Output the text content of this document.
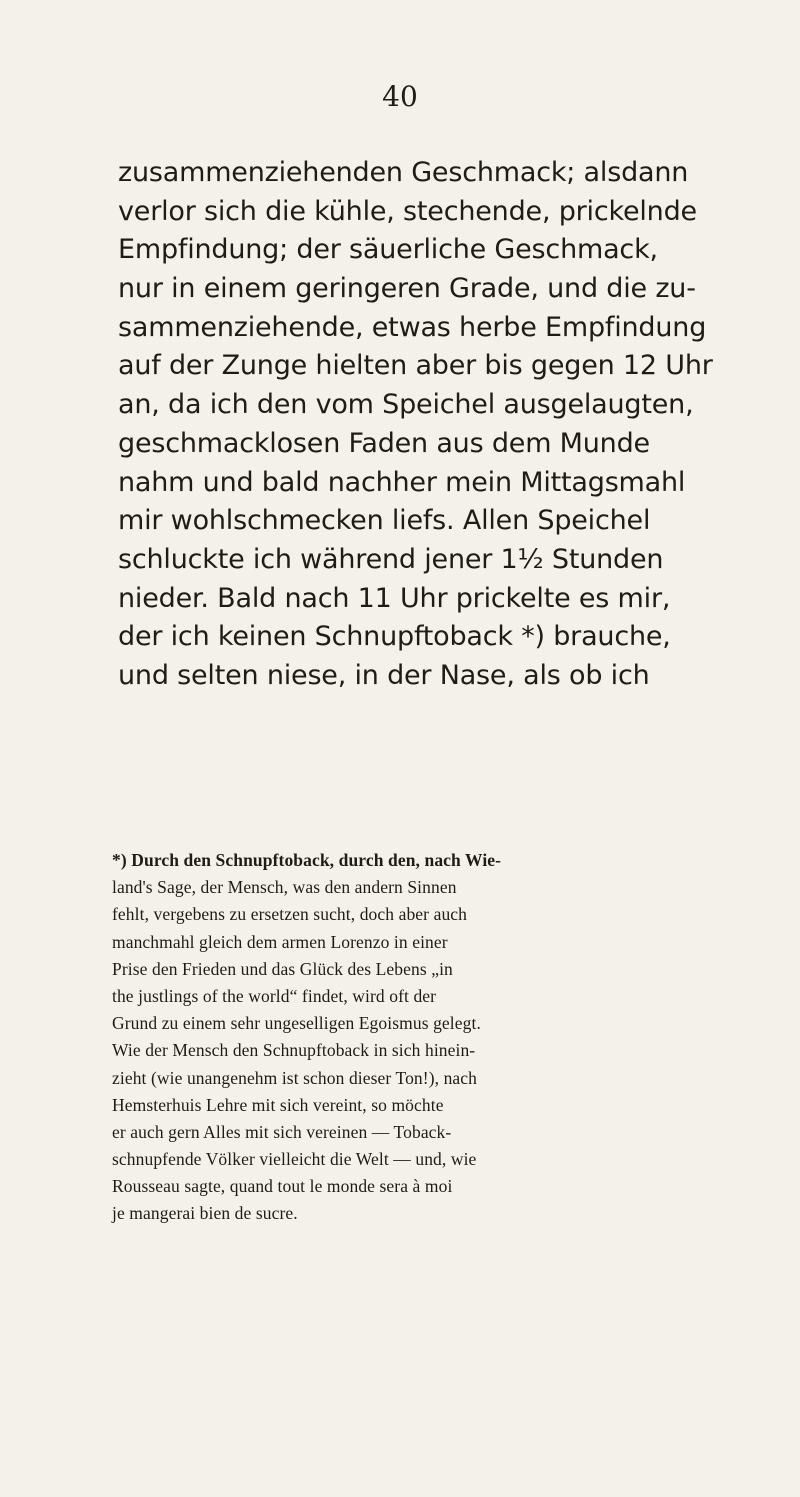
40
zusammenziehenden Geschmack; alsdann
verlor sich die kühle, stechende, prickelnde
Empfindung; der säuerliche Geschmack,
nur in einem geringeren Grade, und die zu-
sammenziehende, etwas herbe Empfindung
auf der Zunge hielten aber bis gegen 12 Uhr
an, da ich den vom Speichel ausgelaugten,
geschmacklosen Faden aus dem Munde
nahm und bald nachher mein Mittagsmahl
mir wohlschmecken liefs. Allen Speichel
schluckte ich während jener 1½ Stunden
nieder. Bald nach 11 Uhr prickelte es mir,
der ich keinen Schnupftoback *) brauche,
und selten niese, in der Nase, als ob ich
*) Durch den Schnupftoback, durch den, nach Wie-
land's Sage, der Mensch, was den andern Sinnen
fehlt, vergebens zu ersetzen sucht, doch aber auch
manchmahl gleich dem armen Lorenzo in einer
Prise den Frieden und das Glück des Lebens „in
the justlings of the world“ findet, wird oft der
Grund zu einem sehr ungeselligen Egoismus gelegt.
Wie der Mensch den Schnupftoback in sich hinein-
zieht (wie unangenehm ist schon dieser Ton!), nach
Hemsterhuis Lehre mit sich vereint, so möchte
er auch gern Alles mit sich vereinen — Toback-
schnupfende Völker vielleicht die Welt — und, wie
Rousseau sagte, quand tout le monde sera à moi
je mangerai bien de sucre.
